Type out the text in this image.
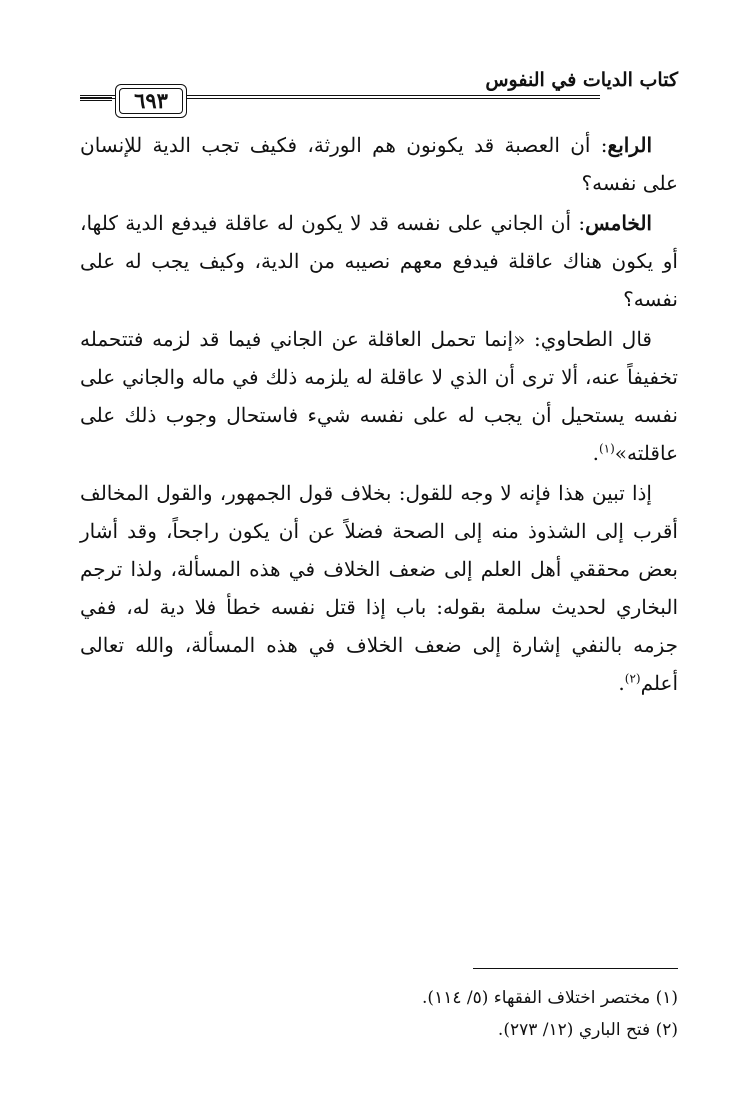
كتاب الديات في النفوس
٦٩٣

الرابع: أن العصبة قد يكونون هم الورثة، فكيف تجب الدية للإنسان على نفسه؟

الخامس: أن الجاني على نفسه قد لا يكون له عاقلة فيدفع الدية كلها، أو يكون هناك عاقلة فيدفع معهم نصيبه من الدية، وكيف يجب له على نفسه؟

قال الطحاوي: «إنما تحمل العاقلة عن الجاني فيما قد لزمه فتتحمله تخفيفاً عنه، ألا ترى أن الذي لا عاقلة له يلزمه ذلك في ماله والجاني على نفسه يستحيل أن يجب له على نفسه شيء فاستحال وجوب ذلك على عاقلته»$^{(١)}$.

إذا تبين هذا فإنه لا وجه للقول: بخلاف قول الجمهور، والقول المخالف أقرب إلى الشذوذ منه إلى الصحة فضلاً عن أن يكون راجحاً، وقد أشار بعض محققي أهل العلم إلى ضعف الخلاف في هذه المسألة، ولذا ترجم البخاري لحديث سلمة بقوله: باب إذا قتل نفسه خطأ فلا دية له، ففي جزمه بالنفي إشارة إلى ضعف الخلاف في هذه المسألة، والله تعالى أعلم$^{(٢)}$.

(١) مختصر اختلاف الفقهاء (٥/ ١١٤).
(٢) فتح الباري (١٢/ ٢٧٣).
